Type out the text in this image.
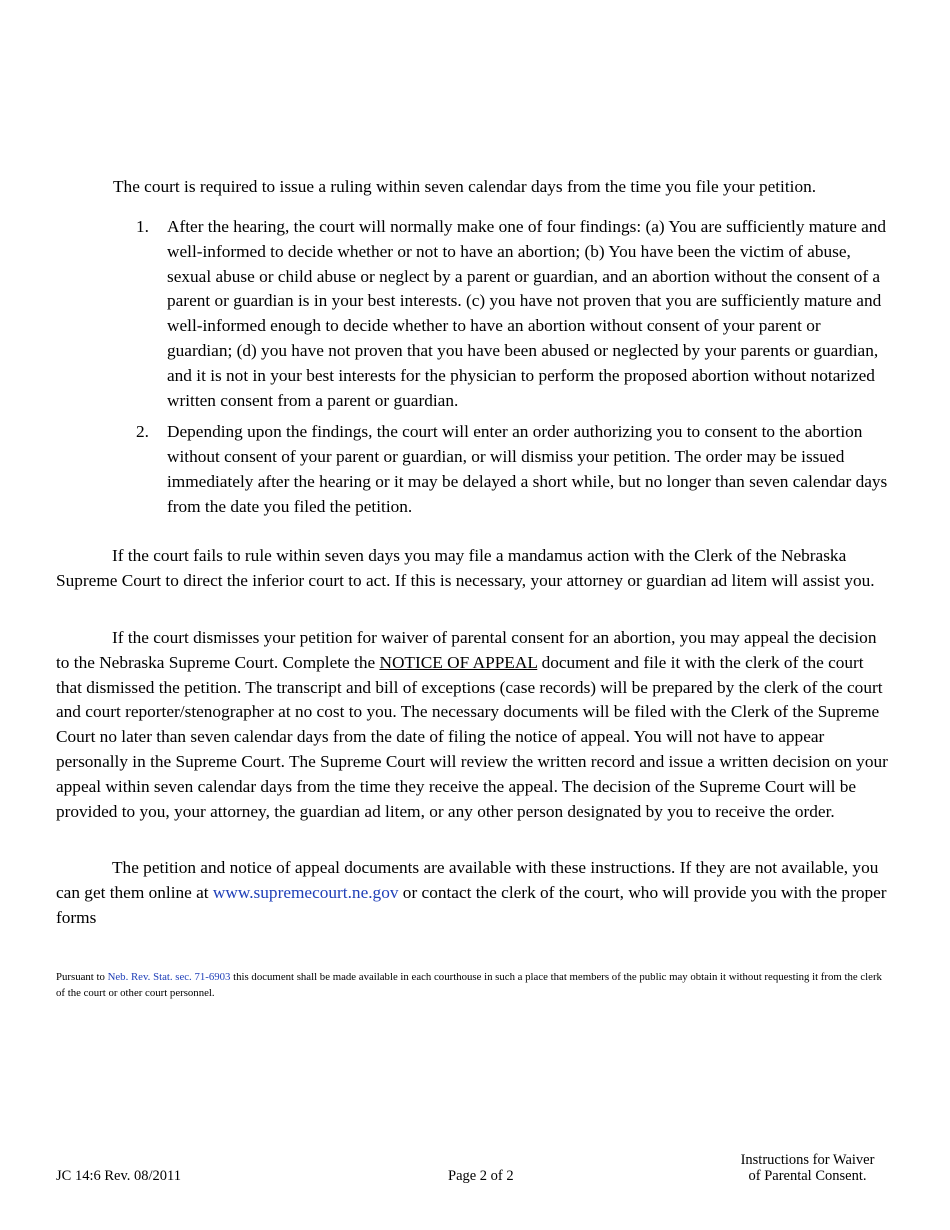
The court is required to issue a ruling within seven calendar days from the time you file your petition.
1. After the hearing, the court will normally make one of four findings: (a) You are sufficiently mature and well-informed to decide whether or not to have an abortion; (b) You have been the victim of abuse, sexual abuse or child abuse or neglect by a parent or guardian, and an abortion without the consent of a parent or guardian is in your best interests. (c) you have not proven that you are sufficiently mature and well-informed enough to decide whether to have an abortion without consent of your parent or guardian; (d) you have not proven that you have been abused or neglected by your parents or guardian, and it is not in your best interests for the physician to perform the proposed abortion without notarized written consent from a parent or guardian.
2. Depending upon the findings, the court will enter an order authorizing you to consent to the abortion without consent of your parent or guardian, or will dismiss your petition. The order may be issued immediately after the hearing or it may be delayed a short while, but no longer than seven calendar days from the date you filed the petition.

If the court fails to rule within seven days you may file a mandamus action with the Clerk of the Nebraska Supreme Court to direct the inferior court to act. If this is necessary, your attorney or guardian ad litem will assist you.

If the court dismisses your petition for waiver of parental consent for an abortion, you may appeal the decision to the Nebraska Supreme Court. Complete the NOTICE OF APPEAL document and file it with the clerk of the court that dismissed the petition. The transcript and bill of exceptions (case records) will be prepared by the clerk of the court and court reporter/stenographer at no cost to you. The necessary documents will be filed with the Clerk of the Supreme Court no later than seven calendar days from the date of filing the notice of appeal. You will not have to appear personally in the Supreme Court. The Supreme Court will review the written record and issue a written decision on your appeal within seven calendar days from the time they receive the appeal. The decision of the Supreme Court will be provided to you, your attorney, the guardian ad litem, or any other person designated by you to receive the order.

The petition and notice of appeal documents are available with these instructions. If they are not available, you can get them online at www.supremecourt.ne.gov or contact the clerk of the court, who will provide you with the proper forms

Pursuant to Neb. Rev. Stat. sec. 71-6903 this document shall be made available in each courthouse in such a place that members of the public may obtain it without requesting it from the clerk of the court or other court personnel.
JC 14:6 Rev. 08/2011	Page 2 of 2
Instructions for Waiver
of Parental Consent.
